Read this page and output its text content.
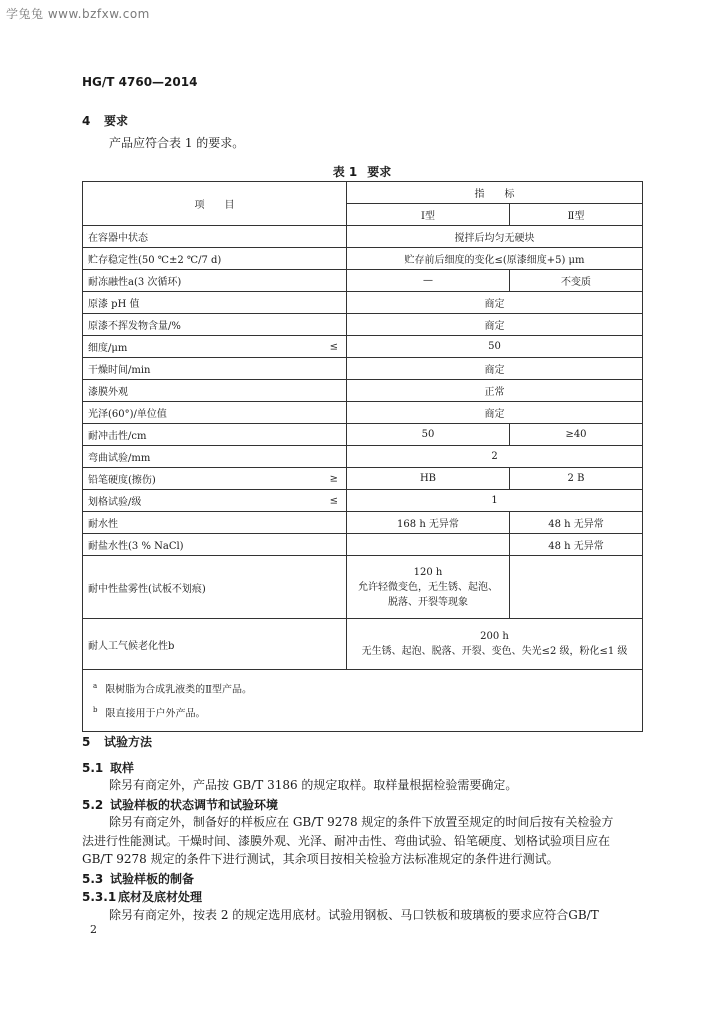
学兔兔 www.bzfxw.com
HG/T 4760—2014
4 要求
产品应符合表 1 的要求。
表 1 要求
项　　目	指　　标	
	Ⅰ型	Ⅱ型
在容器中状态	搅拌后均匀无硬块	
贮存稳定性(50 ℃±2 ℃/7 d)	贮存前后细度的变化≤(原漆细度+5) μm	
耐冻融性a(3 次循环)	—	不变质
原漆 pH 值	商定	
原漆不挥发物含量/%	商定	
细度/μm ≤	50	
干燥时间/min	商定	
漆膜外观	正常	
光泽(60°)/单位值	商定	
耐冲击性/cm	50	≥40
弯曲试验/mm	2	
铅笔硬度(擦伤) ≥	HB	2 B
划格试验/级 ≤	1	
耐水性	168 h 无异常	48 h 无异常
耐盐水性(3 % NaCl)		48 h 无异常
耐中性盐雾性(试板不划痕)	120 h
允许轻微变色，无生锈、起泡、
脱落、开裂等现象	

耐人工气候老化性b	200 h
无生锈、起泡、脱落、开裂、变色、失光≤2 级，粉化≤1 级	

$^a$ 限树脂为合成乳液类的Ⅱ型产品。
$^b$ 限直接用于户外产品。		
5 试验方法
5.1 取样
除另有商定外，产品按 GB/T 3186 的规定取样。取样量根据检验需要确定。
5.2 试验样板的状态调节和试验环境
除另有商定外，制备好的样板应在 GB/T 9278 规定的条件下放置至规定的时间后按有关检验方
法进行性能测试。干燥时间、漆膜外观、光泽、耐冲击性、弯曲试验、铅笔硬度、划格试验项目应在
GB/T 9278 规定的条件下进行测试，其余项目按相关检验方法标准规定的条件进行测试。
5.3 试验样板的制备
5.3.1 底材及底材处理
除另有商定外，按表 2 的规定选用底材。试验用钢板、马口铁板和玻璃板的要求应符合GB/T
2
